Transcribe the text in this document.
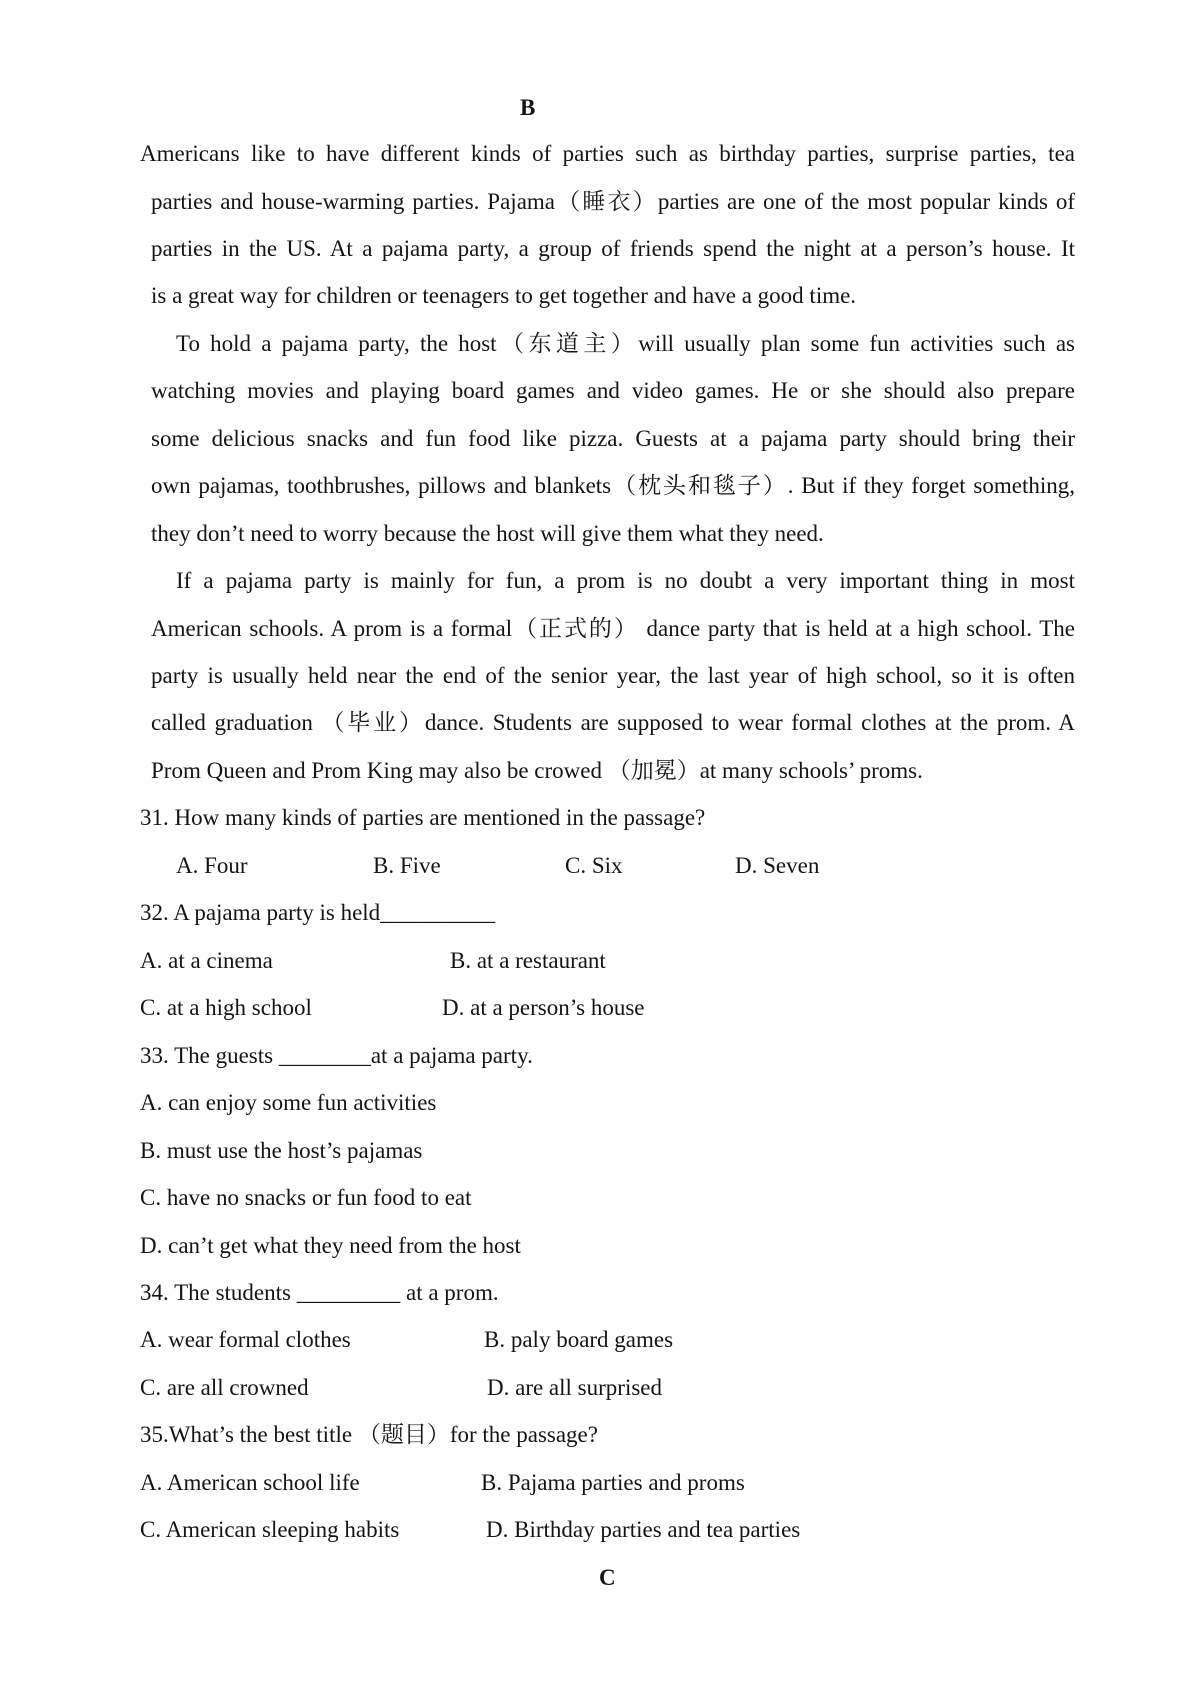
B
Americans like to have different kinds of parties such as birthday parties, surprise parties, tea
parties and house-warming parties. Pajama（睡衣）parties are one of the most popular kinds of
parties in the US. At a pajama party, a group of friends spend the night at a person’s house. It
is a great way for children or teenagers to get together and have a good time.
To hold a pajama party, the host（东道主）will usually plan some fun activities such as
watching movies and playing board games and video games. He or she should also prepare
some delicious snacks and fun food like pizza. Guests at a pajama party should bring their
own pajamas, toothbrushes, pillows and blankets（枕头和毯子）. But if they forget something,
they don’t need to worry because the host will give them what they need.
If a pajama party is mainly for fun, a prom is no doubt a very important thing in most
American schools. A prom is a formal（正式的） dance party that is held at a high school. The
party is usually held near the end of the senior year, the last year of high school, so it is often
called graduation （毕业）dance. Students are supposed to wear formal clothes at the prom. A
Prom Queen and Prom King may also be crowed （加冕）at many schools’ proms.
31. How many kinds of parties are mentioned in the passage?
A. Four	B. Five	C. Six	D. Seven
32. A pajama party is held__________
A. at a cinema	B. at a restaurant
C. at a high school	D. at a person’s house
33. The guests ________at a pajama party.
A. can enjoy some fun activities
B. must use the host’s pajamas
C. have no snacks or fun food to eat
D. can’t get what they need from the host
34. The students _________ at a prom.
A. wear formal clothes	B. paly board games
C. are all crowned	D. are all surprised
35.What’s the best title （题目）for the passage?
A. American school life	B. Pajama parties and proms
C. American sleeping habits	D. Birthday parties and tea parties
C
